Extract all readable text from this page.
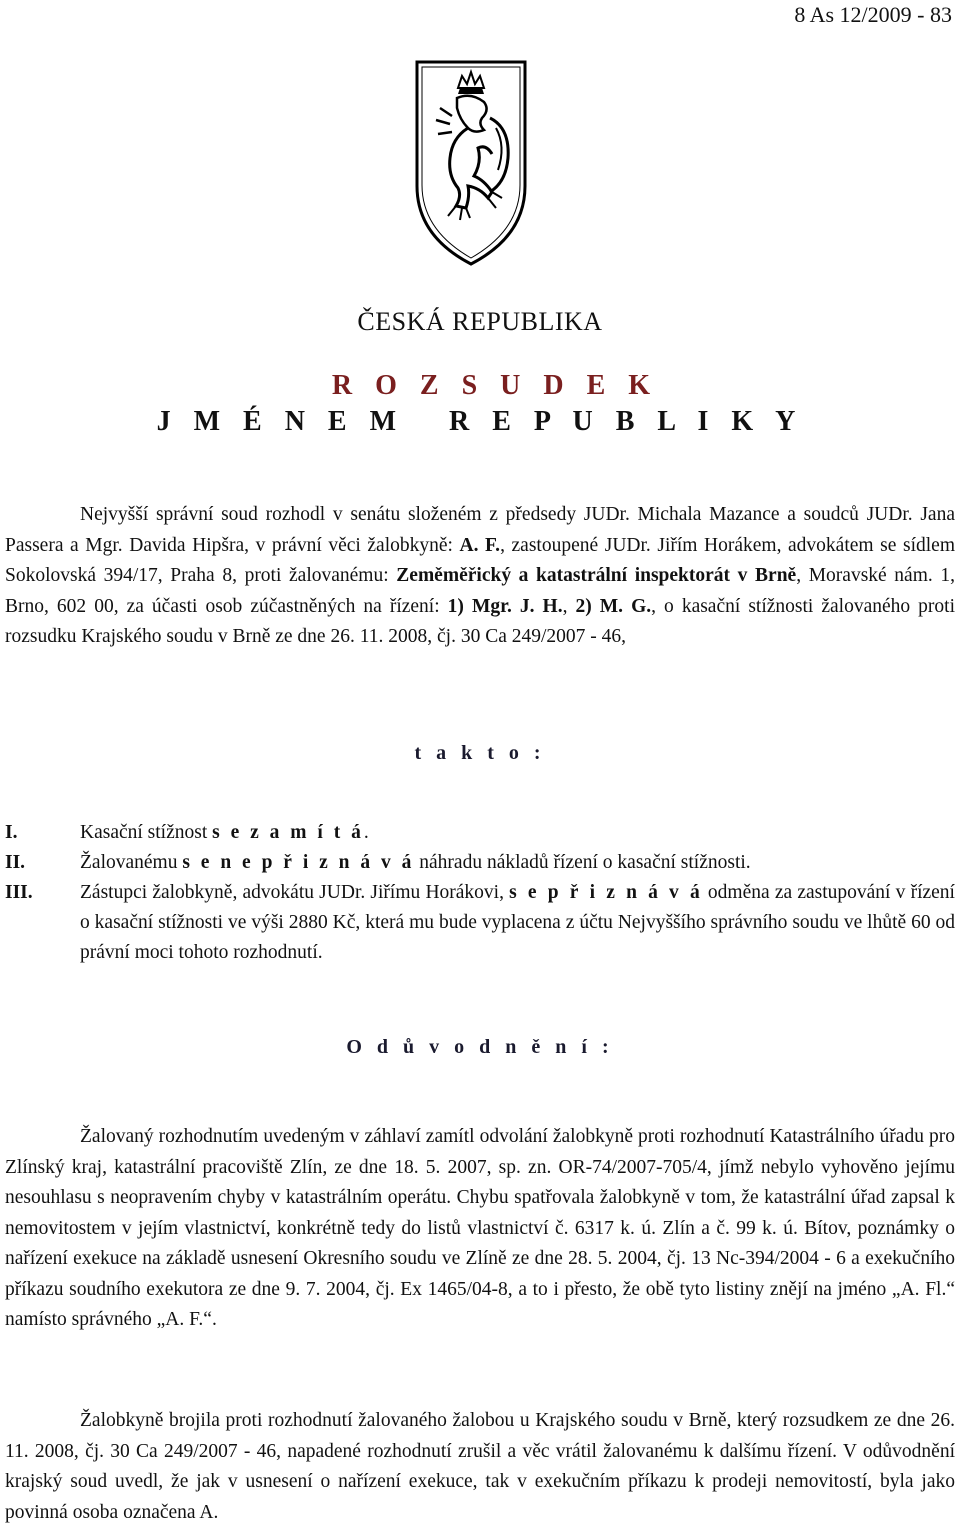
8 As 12/2009 - 83
ČESKÁ REPUBLIKA
R O Z S U D E K
J M É N E M   R E P U B L I K Y
Nejvyšší správní soud rozhodl v senátu složeném z předsedy JUDr. Michala Mazance a soudců JUDr. Jana Passera a Mgr. Davida Hipšra, v právní věci žalobkyně: A. F., zastoupené JUDr. Jiřím Horákem, advokátem se sídlem Sokolovská 394/17, Praha 8, proti žalovanému: Zeměměřický a katastrální inspektorát v Brně, Moravské nám. 1, Brno, 602 00, za účasti osob zúčastněných na řízení: 1) Mgr. J. H., 2) M. G., o kasační stížnosti žalovaného proti rozsudku Krajského soudu v Brně ze dne 26. 11. 2008, čj. 30 Ca 249/2007 - 46,
t a k t o :
I.	Kasační stížnost s e z a m í t á.
II.	Žalovanému s e n e p ř i z n á v á náhradu nákladů řízení o kasační stížnosti.
III. Zástupci žalobkyně, advokátu JUDr. Jiřímu Horákovi, s e p ř i z n á v á odměna za zastupování v řízení o kasační stížnosti ve výši 2880 Kč, která mu bude vyplacena z účtu Nejvyššího správního soudu ve lhůtě 60 od právní moci tohoto rozhodnutí.
O d ů v o d n ě n í :
Žalovaný rozhodnutím uvedeným v záhlaví zamítl odvolání žalobkyně proti rozhodnutí Katastrálního úřadu pro Zlínský kraj, katastrální pracoviště Zlín, ze dne 18. 5. 2007, sp. zn. OR-74/2007-705/4, jímž nebylo vyhověno jejímu nesouhlasu s neopravením chyby v katastrálním operátu. Chybu spatřovala žalobkyně v tom, že katastrální úřad zapsal k nemovitostem v jejím vlastnictví, konkrétně tedy do listů vlastnictví č. 6317 k. ú. Zlín a č. 99 k. ú. Bítov, poznámky o nařízení exekuce na základě usnesení Okresního soudu ve Zlíně ze dne 28. 5. 2004, čj. 13 Nc-394/2004 - 6 a exekučního příkazu soudního exekutora ze dne 9. 7. 2004, čj. Ex 1465/04-8, a to i přesto, že obě tyto listiny znějí na jméno „A. Fl.“ namísto správného „A. F.“.
Žalobkyně brojila proti rozhodnutí žalovaného žalobou u Krajského soudu v Brně, který rozsudkem ze dne 26. 11. 2008, čj. 30 Ca 249/2007 - 46, napadené rozhodnutí zrušil a věc vrátil žalovanému k dalšímu řízení. V odůvodnění krajský soud uvedl, že jak v usnesení o nařízení exekuce, tak v exekučním příkazu k prodeji nemovitostí, byla jako povinná osoba označena A.
